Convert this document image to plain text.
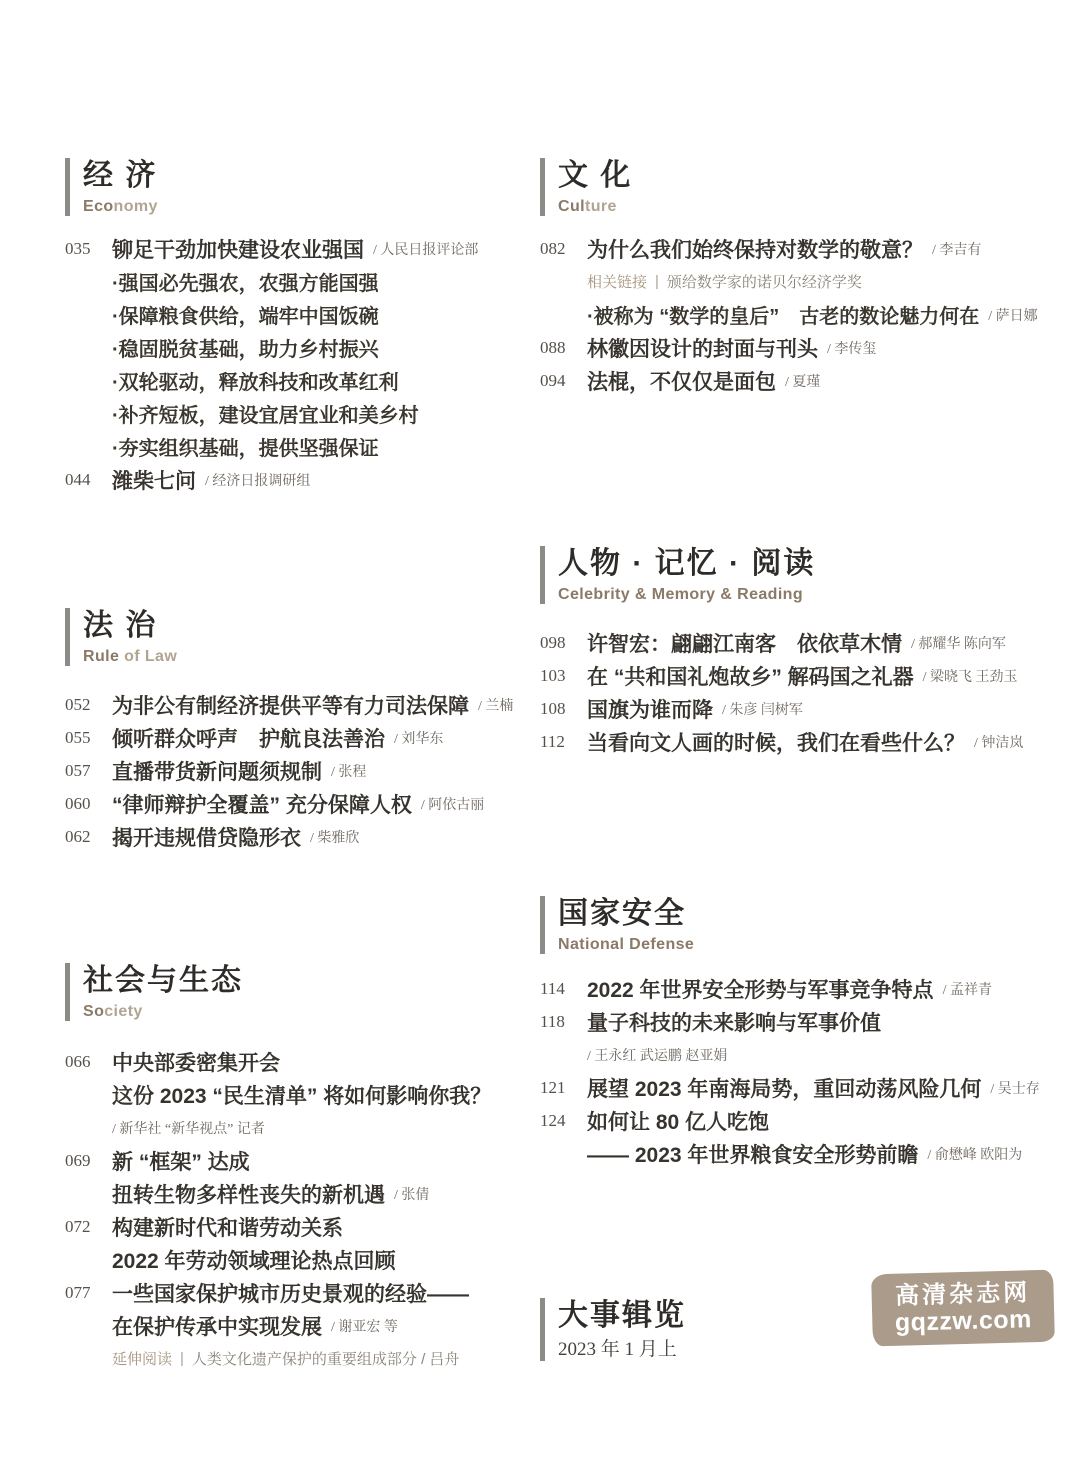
经 济
Economy
035	铆足干劲加快建设农业强国 / 人民日报评论部
·强国必先强农，农强方能国强
·保障粮食供给，端牢中国饭碗
·稳固脱贫基础，助力乡村振兴
·双轮驱动，释放科技和改革红利
·补齐短板，建设宜居宜业和美乡村
·夯实组织基础，提供坚强保证
044	潍柴七问 / 经济日报调研组
法 治
Rule of Law
052	为非公有制经济提供平等有力司法保障 / 兰楠
055	倾听群众呼声　护航良法善治 / 刘华东
057	直播带货新问题须规制 / 张程
060	“律师辩护全覆盖” 充分保障人权 / 阿依古丽
062	揭开违规借贷隐形衣 / 柴雅欣
社会与生态
Society
066	中央部委密集开会
这份 2023 “民生清单” 将如何影响你我？
/ 新华社 “新华视点” 记者
069	新 “框架” 达成
扭转生物多样性丧失的新机遇 / 张倩
072	构建新时代和谐劳动关系
2022 年劳动领域理论热点回顾
077	一些国家保护城市历史景观的经验——
在保护传承中实现发展 / 谢亚宏 等
延伸阅读 | 人类文化遗产保护的重要组成部分 / 吕舟
文 化
Culture
082	为什么我们始终保持对数学的敬意？ / 李吉有
相关链接 | 颁给数学家的诺贝尔经济学奖
·被称为 “数学的皇后”　古老的数论魅力何在 / 萨日娜
088	林徽因设计的封面与刊头 / 李传玺
094	法棍，不仅仅是面包 / 夏瑾
人物 · 记忆 · 阅读
Celebrity & Memory & Reading
098	许智宏：翩翩江南客　依依草木情 / 郝耀华 陈向军
103	在 “共和国礼炮故乡” 解码国之礼器 / 梁晓飞 王劲玉
108	国旗为谁而降 / 朱彦 闫树军
112	当看向文人画的时候，我们在看些什么？ / 钟洁岚
国家安全
National Defense
114	2022 年世界安全形势与军事竞争特点 / 孟祥青
118	量子科技的未来影响与军事价值
/ 王永红 武运鹏 赵亚娟
121	展望 2023 年南海局势，重回动荡风险几何 / 吴士存
124	如何让 80 亿人吃饱
—— 2023 年世界粮食安全形势前瞻 / 俞懋峰 欧阳为
大事辑览
2023 年 1 月上
高清杂志网
gqzzw.com
